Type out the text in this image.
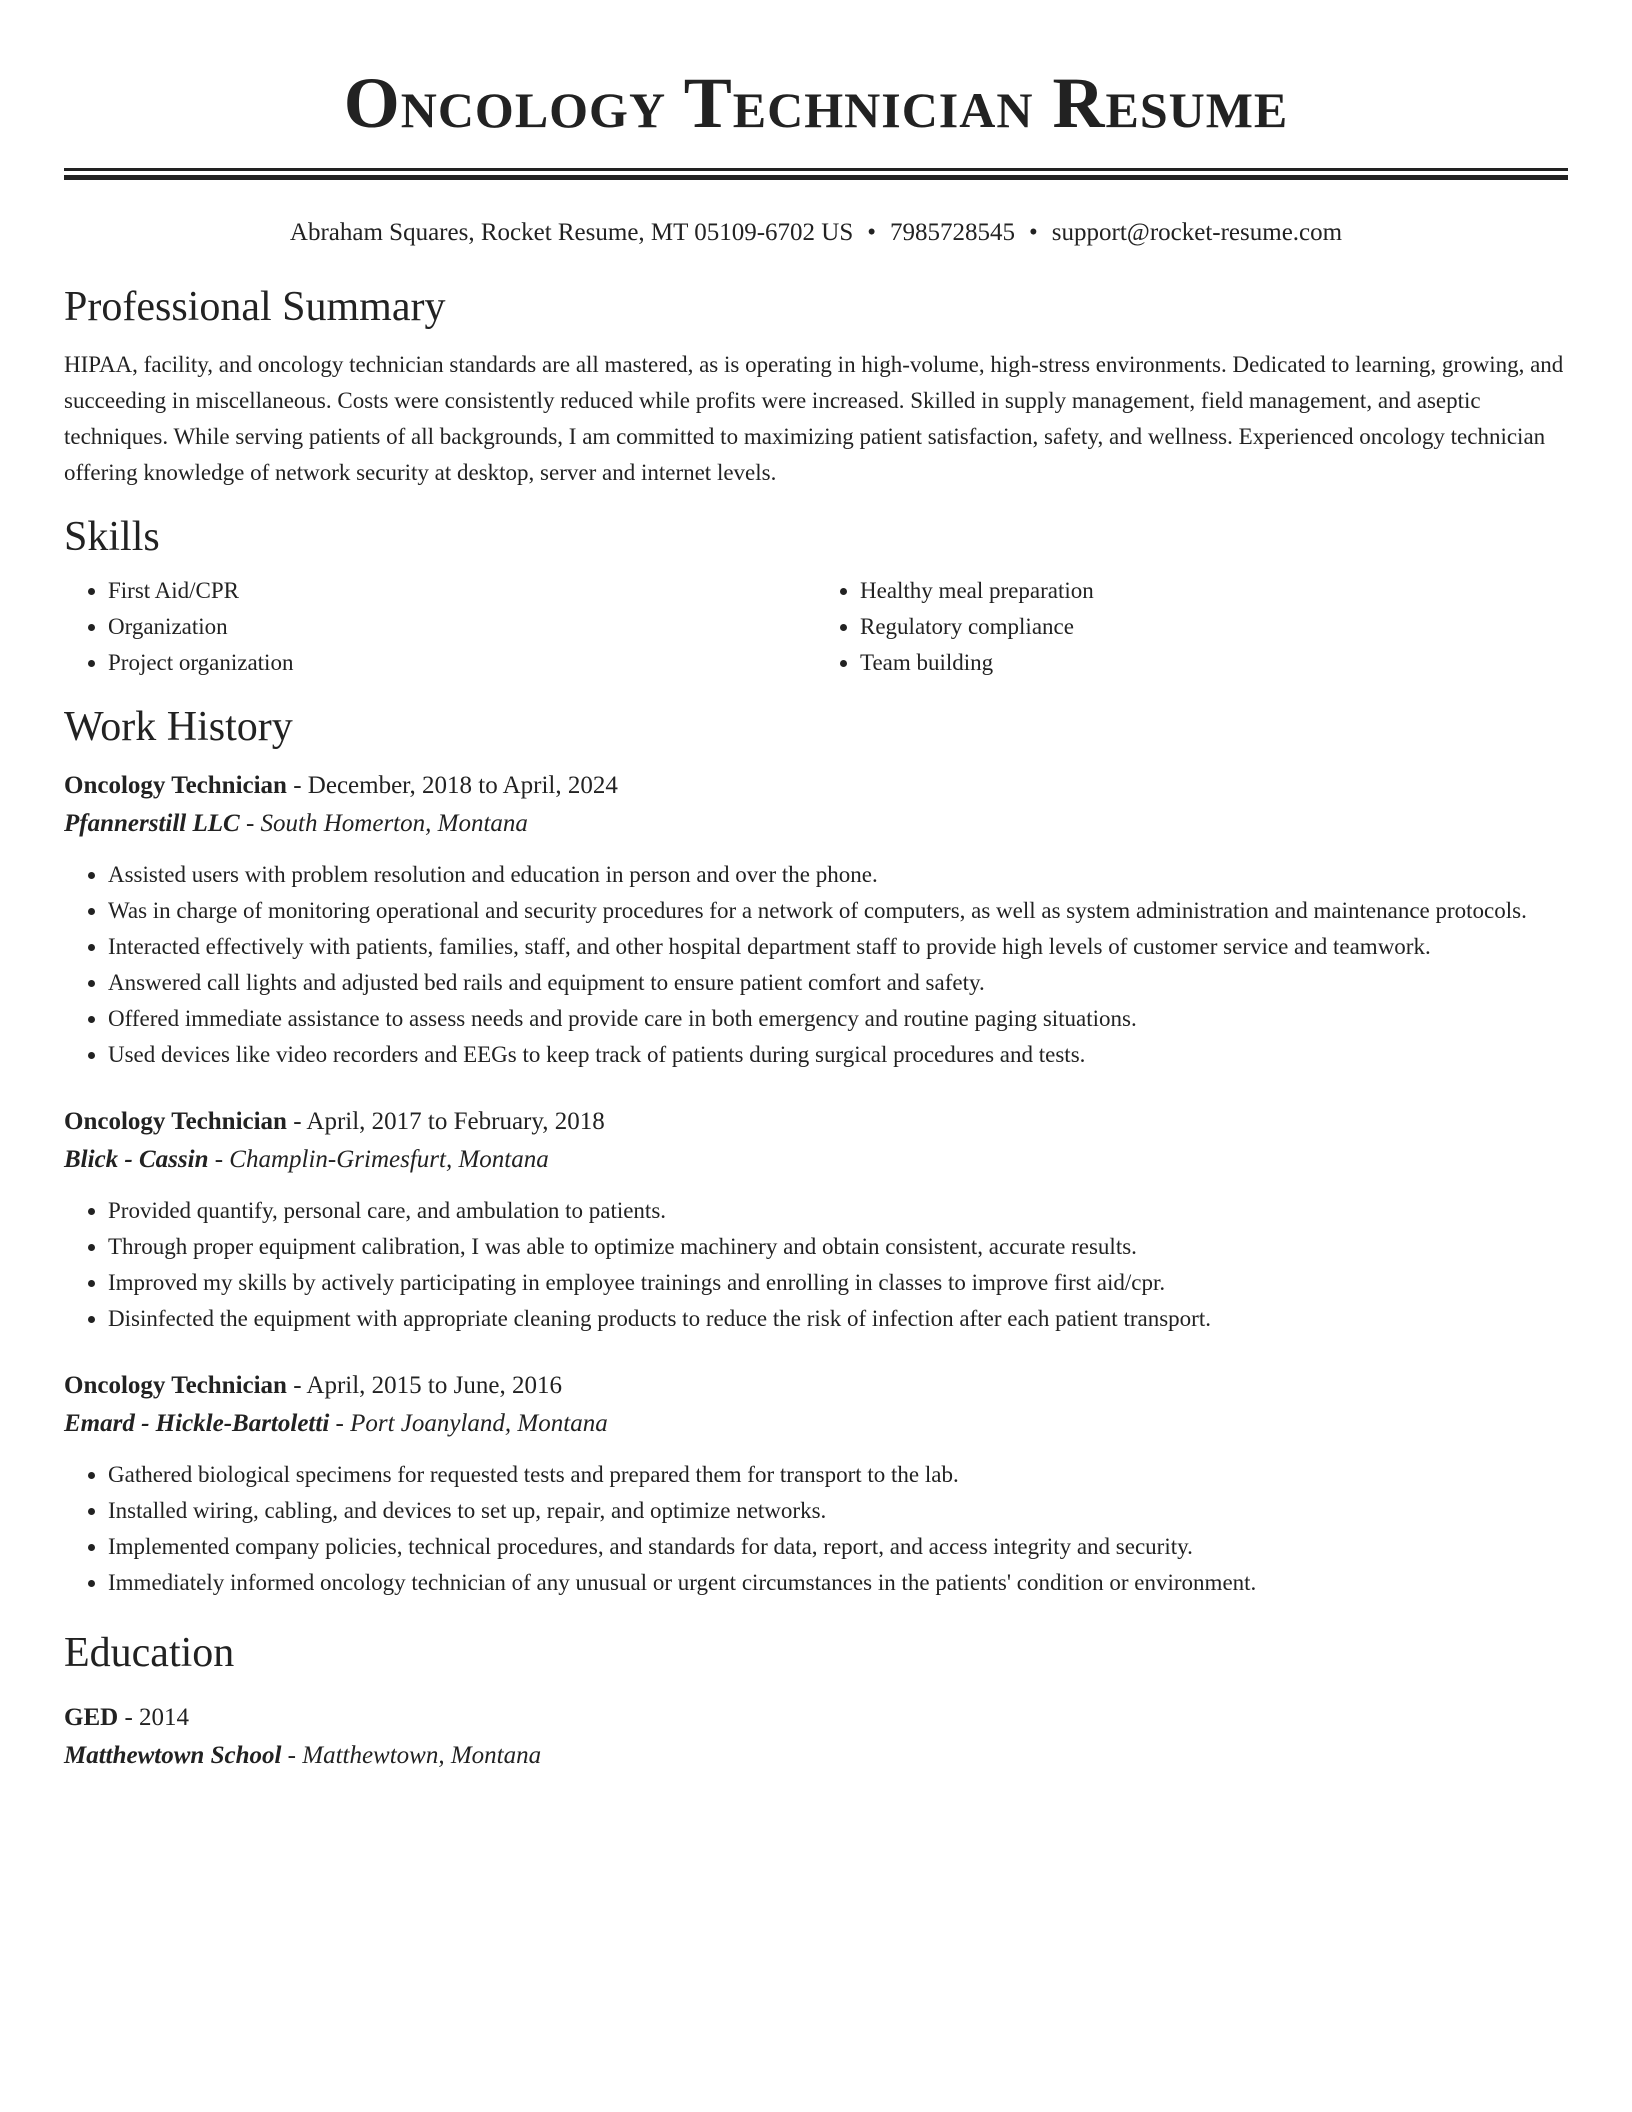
Oncology Technician Resume
Abraham Squares, Rocket Resume, MT 05109-6702 US • 7985728545 • support@rocket-resume.com
Professional Summary

HIPAA, facility, and oncology technician standards are all mastered, as is operating in high-volume, high-stress environments. Dedicated to learning, growing, and succeeding in miscellaneous. Costs were consistently reduced while profits were increased. Skilled in supply management, field management, and aseptic techniques. While serving patients of all backgrounds, I am committed to maximizing patient satisfaction, safety, and wellness. Experienced oncology technician offering knowledge of network security at desktop, server and internet levels.

Skills
• First Aid/CPR
• Organization
• Project organization
• Healthy meal preparation
• Regulatory compliance
• Team building
Work History
Oncology Technician - December, 2018 to April, 2024
Pfannerstill LLC - South Homerton, Montana
• Assisted users with problem resolution and education in person and over the phone.
• Was in charge of monitoring operational and security procedures for a network of computers, as well as system administration and maintenance protocols.
• Interacted effectively with patients, families, staff, and other hospital department staff to provide high levels of customer service and teamwork.
• Answered call lights and adjusted bed rails and equipment to ensure patient comfort and safety.
• Offered immediate assistance to assess needs and provide care in both emergency and routine paging situations.
• Used devices like video recorders and EEGs to keep track of patients during surgical procedures and tests.
Oncology Technician - April, 2017 to February, 2018
Blick - Cassin - Champlin-Grimesfurt, Montana
• Provided quantify, personal care, and ambulation to patients.
• Through proper equipment calibration, I was able to optimize machinery and obtain consistent, accurate results.
• Improved my skills by actively participating in employee trainings and enrolling in classes to improve first aid/cpr.
• Disinfected the equipment with appropriate cleaning products to reduce the risk of infection after each patient transport.
Oncology Technician - April, 2015 to June, 2016
Emard - Hickle-Bartoletti - Port Joanyland, Montana
• Gathered biological specimens for requested tests and prepared them for transport to the lab.
• Installed wiring, cabling, and devices to set up, repair, and optimize networks.
• Implemented company policies, technical procedures, and standards for data, report, and access integrity and security.
• Immediately informed oncology technician of any unusual or urgent circumstances in the patients' condition or environment.
Education
GED - 2014
Matthewtown School - Matthewtown, Montana
